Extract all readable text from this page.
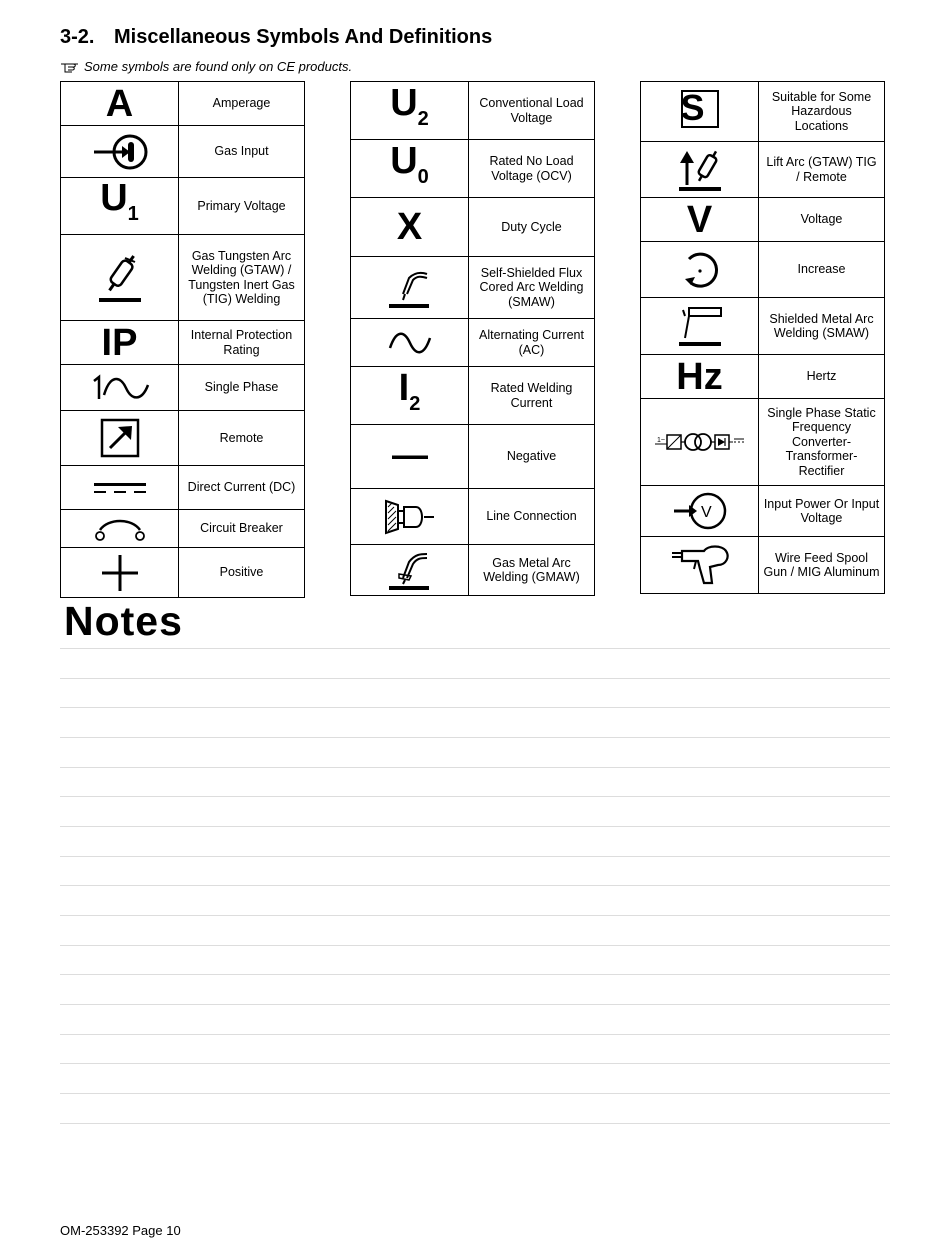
3-2. Miscellaneous Symbols And Definitions
Some symbols are found only on CE products.
A	Amperage

	Gas Input
$U_1$	Primary Voltage

	Gas Tungsten Arc Welding (GTAW) / Tungsten Inert Gas (TIG) Welding
IP	Internal Protection Rating

	Single Phase

	Remote

	Direct Current (DC)

	Circuit Breaker

	Positive
$U_2$	Conventional Load Voltage
$U_0$	Rated No Load Voltage (OCV)
X	Duty Cycle

	Self-Shielded Flux Cored Arc Welding (SMAW)

	Alternating Current (AC)
$I_2$	Rated Welding Current

	Negative

	Line Connection

	Gas Metal Arc Welding (GMAW)
S	Suitable for Some Hazardous Locations

	Lift Arc (GTAW) TIG / Remote
V	Voltage

	Increase

	Shielded Metal Arc Welding (SMAW)
Hz	Hertz

1~	Single Phase Static Frequency Converter-Transformer-Rectifier

V	Input Power Or Input Voltage

	Wire Feed Spool Gun / MIG Aluminum
Notes
OM-253392 Page 10
